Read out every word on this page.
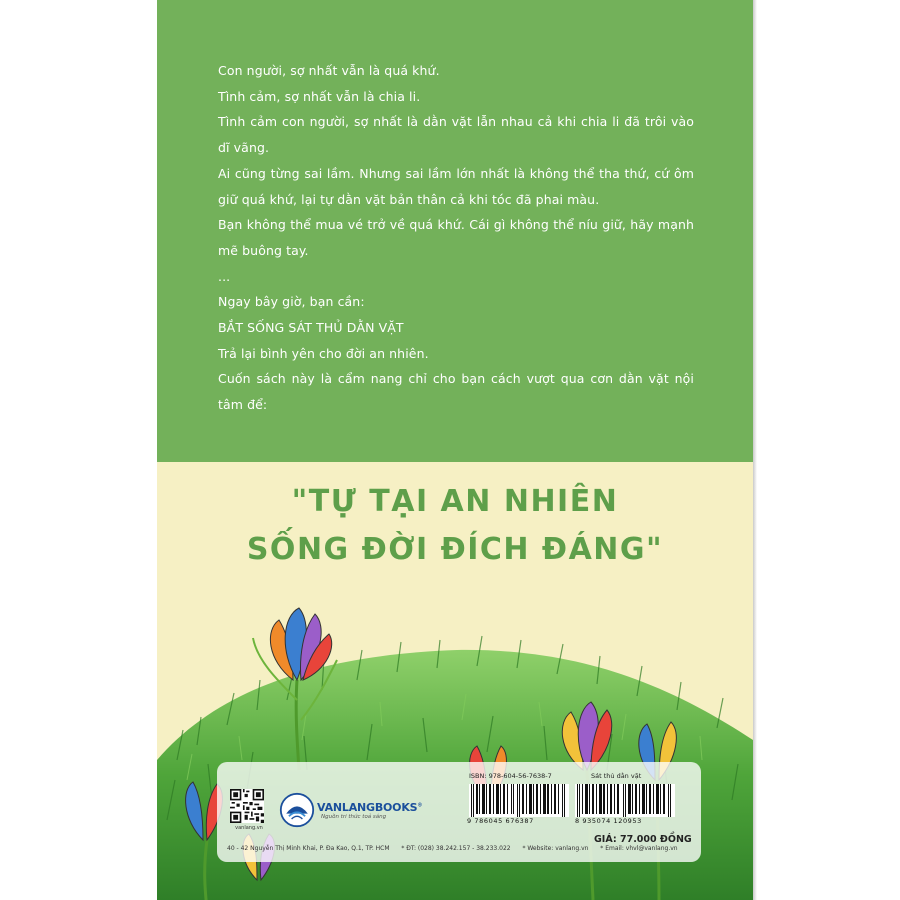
Con người, sợ nhất vẫn là quá khứ.

Tình cảm, sợ nhất vẫn là chia li.

Tình cảm con người, sợ nhất là dằn vặt lẫn nhau cả khi chia li đã trôi vào dĩ vãng.

Ai cũng từng sai lầm. Nhưng sai lầm lớn nhất là không thể tha thứ, cứ ôm giữ quá khứ, lại tự dằn vặt bản thân cả khi tóc đã phai màu.

Bạn không thể mua vé trở về quá khứ. Cái gì không thể níu giữ, hãy mạnh mẽ buông tay.

...

Ngay bây giờ, bạn cần:

BẮT SỐNG SÁT THỦ DẰN VẶT

Trả lại bình yên cho đời an nhiên.

Cuốn sách này là cẩm nang chỉ cho bạn cách vượt qua cơn dằn vặt nội tâm để:

"TỰ TẠI AN NHIÊN
SỐNG ĐỜI ĐÍCH ĐÁNG"
vanlang.vn
VANLANGBOOKS®
Nguồn tri thức toả sáng
ISBN: 978-604-56-7638-7	Sát thủ dằn vặt
9 786045 676387	8 935074 120953
GIÁ: 77.000 ĐỒNG
40 - 42 Nguyễn Thị Minh Khai, P. Đa Kao, Q.1, TP. HCM * ĐT: (028) 38.242.157 - 38.233.022 * Website: vanlang.vn * Email: vhvl@vanlang.vn
